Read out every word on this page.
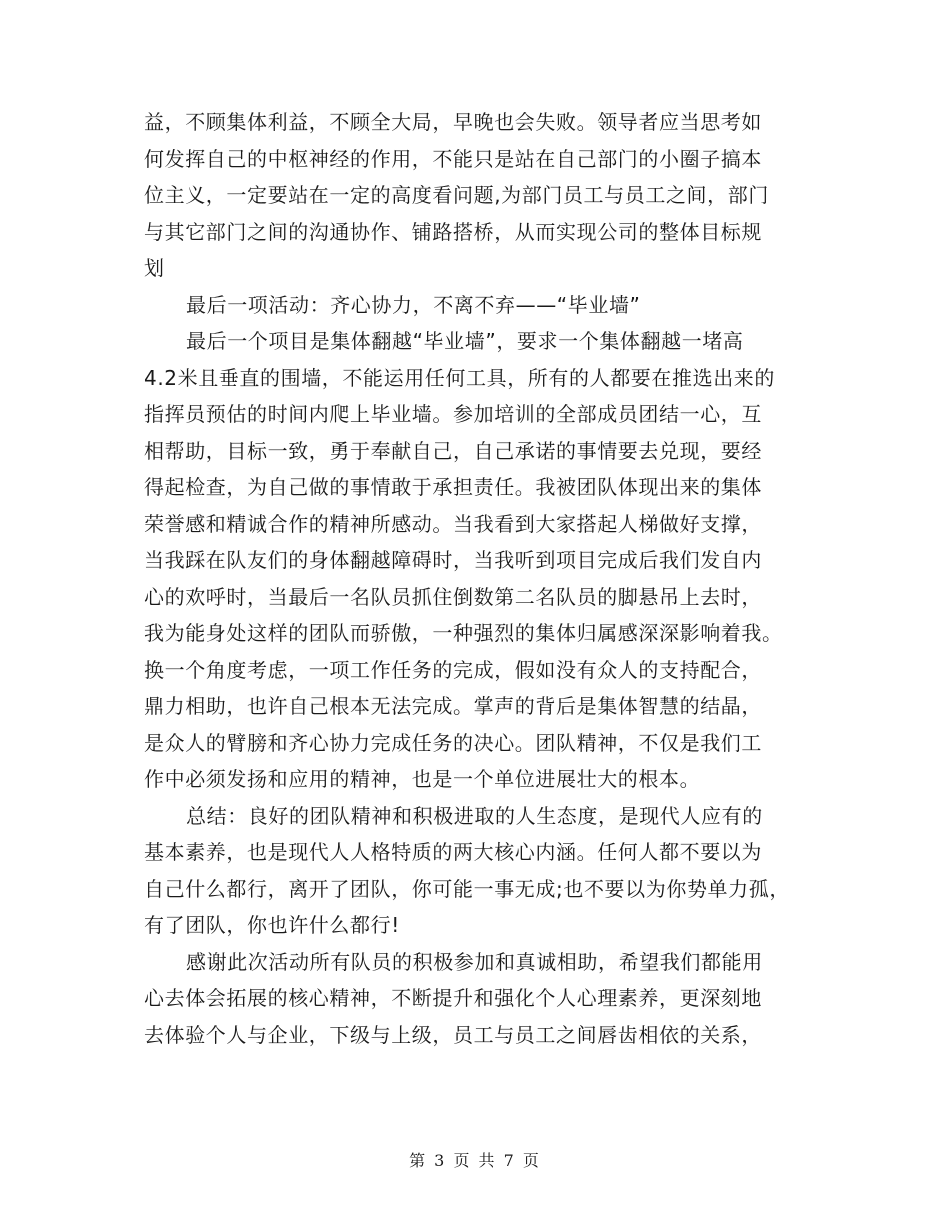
益，不顾集体利益，不顾全大局，早晚也会失败。领导者应当思考如
何发挥自己的中枢神经的作用，不能只是站在自己部门的小圈子搞本
位主义，一定要站在一定的高度看问题,为部门员工与员工之间，部门
与其它部门之间的沟通协作、铺路搭桥，从而实现公司的整体目标规
划
最后一项活动：齐心协力，不离不弃——“毕业墙”
最后一个项目是集体翻越“毕业墙”，要求一个集体翻越一堵高
4.2米且垂直的围墙，不能运用任何工具，所有的人都要在推选出来的
指挥员预估的时间内爬上毕业墙。参加培训的全部成员团结一心，互
相帮助，目标一致，勇于奉献自己，自己承诺的事情要去兑现，要经
得起检查，为自己做的事情敢于承担责任。我被团队体现出来的集体
荣誉感和精诚合作的精神所感动。当我看到大家搭起人梯做好支撑，
当我踩在队友们的身体翻越障碍时，当我听到项目完成后我们发自内
心的欢呼时，当最后一名队员抓住倒数第二名队员的脚悬吊上去时，
我为能身处这样的团队而骄傲，一种强烈的集体归属感深深影响着我。
换一个角度考虑，一项工作任务的完成，假如没有众人的支持配合，
鼎力相助，也许自己根本无法完成。掌声的背后是集体智慧的结晶，
是众人的臂膀和齐心协力完成任务的决心。团队精神，不仅是我们工
作中必须发扬和应用的精神，也是一个单位进展壮大的根本。
总结：良好的团队精神和积极进取的人生态度，是现代人应有的
基本素养，也是现代人人格特质的两大核心内涵。任何人都不要以为
自己什么都行，离开了团队，你可能一事无成;也不要以为你势单力孤，
有了团队，你也许什么都行!
感谢此次活动所有队员的积极参加和真诚相助，希望我们都能用
心去体会拓展的核心精神，不断提升和强化个人心理素养，更深刻地
去体验个人与企业，下级与上级，员工与员工之间唇齿相依的关系，
第 3 页 共 7 页
